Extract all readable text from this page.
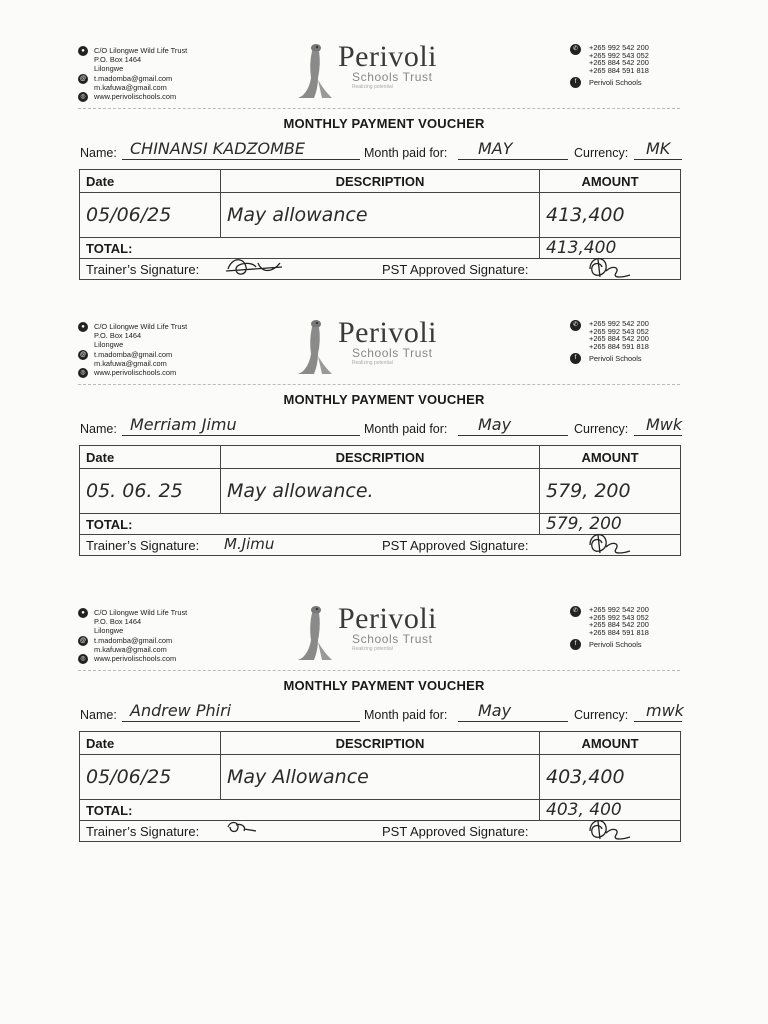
●	C/O Lilongwe Wild Life Trust
P.O. Box 1464
Lilongwe
@ t.madomba@gmail.com
m.kafuwa@gmail.com
◎	www.perivolischools.com
Perivoli
Schools Trust
Realizing potential
✆	+265 992 542 200
+265 992 543 052
+265 884 542 200
+265 884 591 818
f	Perivoli Schools
MONTHLY PAYMENT VOUCHER
Name: CHINANSI KADZOMBE	Month paid for: MAY	Currency: MK
Date	DESCRIPTION	AMOUNT
05/06/25	May allowance	413,400
TOTAL:		413,400

Trainer’s Signature: PST Approved Signature:		
●	C/O Lilongwe Wild Life Trust
P.O. Box 1464
Lilongwe
@ t.madomba@gmail.com
m.kafuwa@gmail.com
◎	www.perivolischools.com
Perivoli
Schools Trust
Realizing potential
✆	+265 992 542 200
+265 992 543 052
+265 884 542 200
+265 884 591 818
f	Perivoli Schools
MONTHLY PAYMENT VOUCHER
Name: Merriam Jimu	Month paid for: May	Currency: Mwk
Date	DESCRIPTION	AMOUNT
05. 06. 25	May allowance.	579, 200
TOTAL:		579, 200

Trainer’s Signature: M.Jimu PST Approved Signature:		
●	C/O Lilongwe Wild Life Trust
P.O. Box 1464
Lilongwe
@ t.madomba@gmail.com
m.kafuwa@gmail.com
◎	www.perivolischools.com
Perivoli
Schools Trust
Realizing potential
✆	+265 992 542 200
+265 992 543 052
+265 884 542 200
+265 884 591 818
f	Perivoli Schools
MONTHLY PAYMENT VOUCHER
Name: Andrew Phiri	Month paid for: May	Currency: mwk
Date	DESCRIPTION	AMOUNT
05/06/25	May Allowance	403,400
TOTAL:		403, 400

Trainer’s Signature: PST Approved Signature:		
